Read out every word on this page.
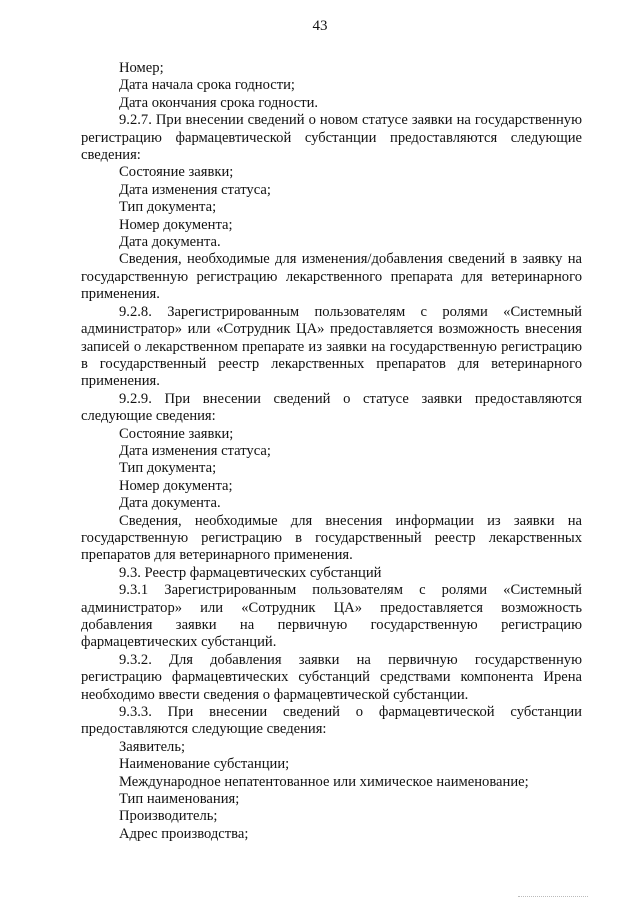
43

Номер;

Дата начала срока годности;

Дата окончания срока годности.

9.2.7. При внесении сведений о новом статусе заявки на государственную регистрацию фармацевтической субстанции предоставляются следующие сведения:

Состояние заявки;

Дата изменения статуса;

Тип документа;

Номер документа;

Дата документа.

Сведения, необходимые для изменения/добавления сведений в заявку на государственную регистрацию лекарственного препарата для ветеринарного применения.

9.2.8. Зарегистрированным пользователям с ролями «Системный администратор» или «Сотрудник ЦА» предоставляется возможность внесения записей о лекарственном препарате из заявки на государственную регистрацию в государственный реестр лекарственных препаратов для ветеринарного применения.

9.2.9. При внесении сведений о статусе заявки предоставляются следующие сведения:

Состояние заявки;

Дата изменения статуса;

Тип документа;

Номер документа;

Дата документа.

Сведения, необходимые для внесения информации из заявки на государственную регистрацию в государственный реестр лекарственных препаратов для ветеринарного применения.

9.3. Реестр фармацевтических субстанций

9.3.1 Зарегистрированным пользователям с ролями «Системный администратор» или «Сотрудник ЦА» предоставляется возможность добавления заявки на первичную государственную регистрацию фармацевтических субстанций.

9.3.2. Для добавления заявки на первичную государственную регистрацию фармацевтических субстанций средствами компонента Ирена необходимо ввести сведения о фармацевтической субстанции.

9.3.3. При внесении сведений о фармацевтической субстанции предоставляются следующие сведения:

Заявитель;

Наименование субстанции;

Международное непатентованное или химическое наименование;

Тип наименования;

Производитель;

Адрес производства;
